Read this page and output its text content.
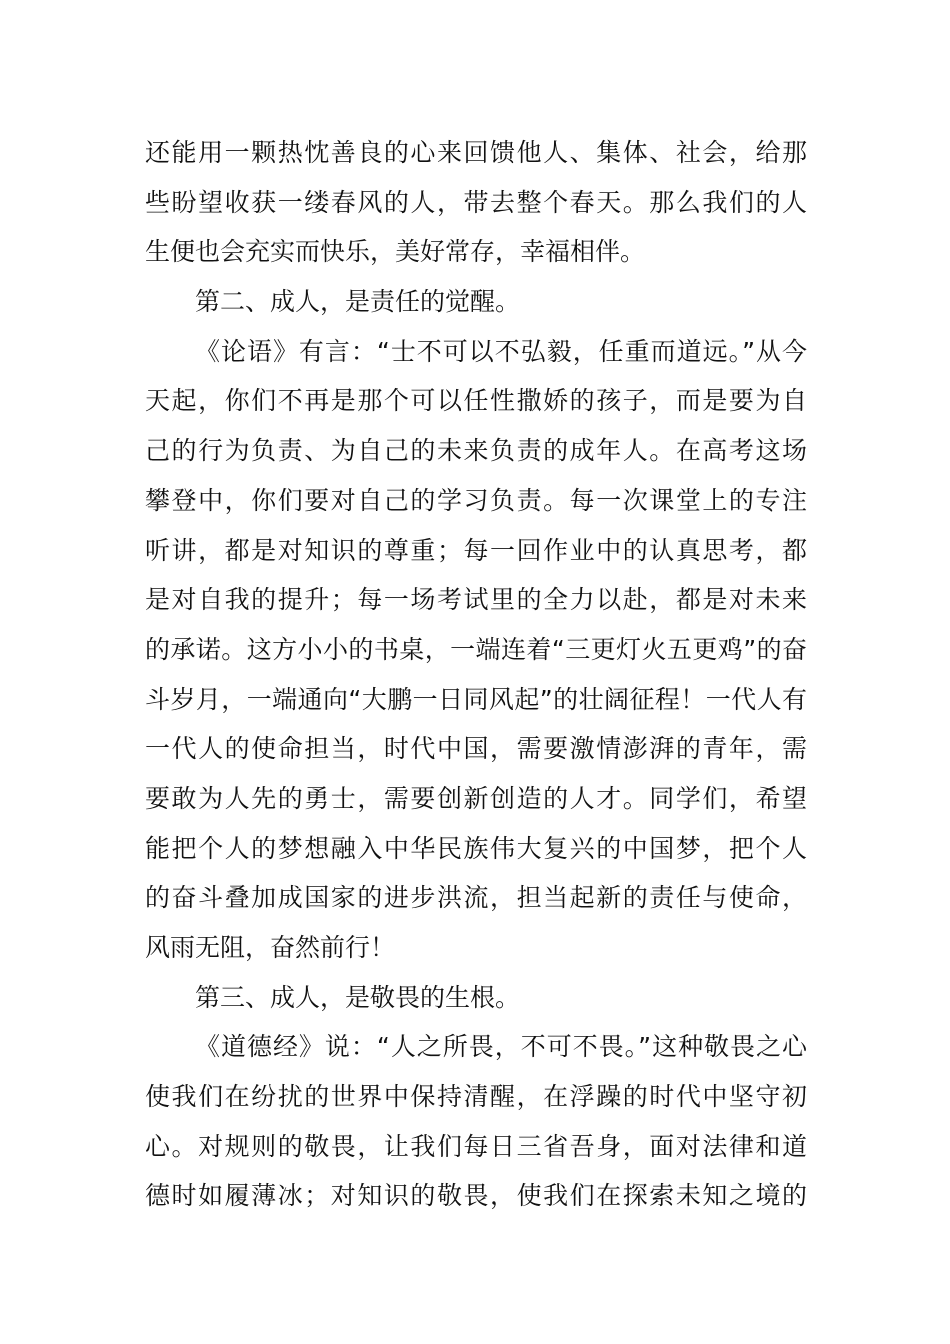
还能用一颗热忱善良的心来回馈他人、集体、社会，给那
些盼望收获一缕春风的人，带去整个春天。那么我们的人
生便也会充实而快乐，美好常存，幸福相伴。
第二、成人，是责任的觉醒。
《论语》有言：“士不可以不弘毅，任重而道远。”从今
天起，你们不再是那个可以任性撒娇的孩子，而是要为自
己的行为负责、为自己的未来负责的成年人。在高考这场
攀登中，你们要对自己的学习负责。每一次课堂上的专注
听讲，都是对知识的尊重；每一回作业中的认真思考，都
是对自我的提升；每一场考试里的全力以赴，都是对未来
的承诺。这方小小的书桌，一端连着“三更灯火五更鸡”的奋
斗岁月，一端通向“大鹏一日同风起”的壮阔征程！一代人有
一代人的使命担当，时代中国，需要激情澎湃的青年，需
要敢为人先的勇士，需要创新创造的人才。同学们，希望
能把个人的梦想融入中华民族伟大复兴的中国梦，把个人
的奋斗叠加成国家的进步洪流，担当起新的责任与使命，
风雨无阻，奋然前行！
第三、成人，是敬畏的生根。
《道德经》说：“人之所畏，不可不畏。”这种敬畏之心
使我们在纷扰的世界中保持清醒，在浮躁的时代中坚守初
心。对规则的敬畏，让我们每日三省吾身，面对法律和道
德时如履薄冰；对知识的敬畏，使我们在探索未知之境的
